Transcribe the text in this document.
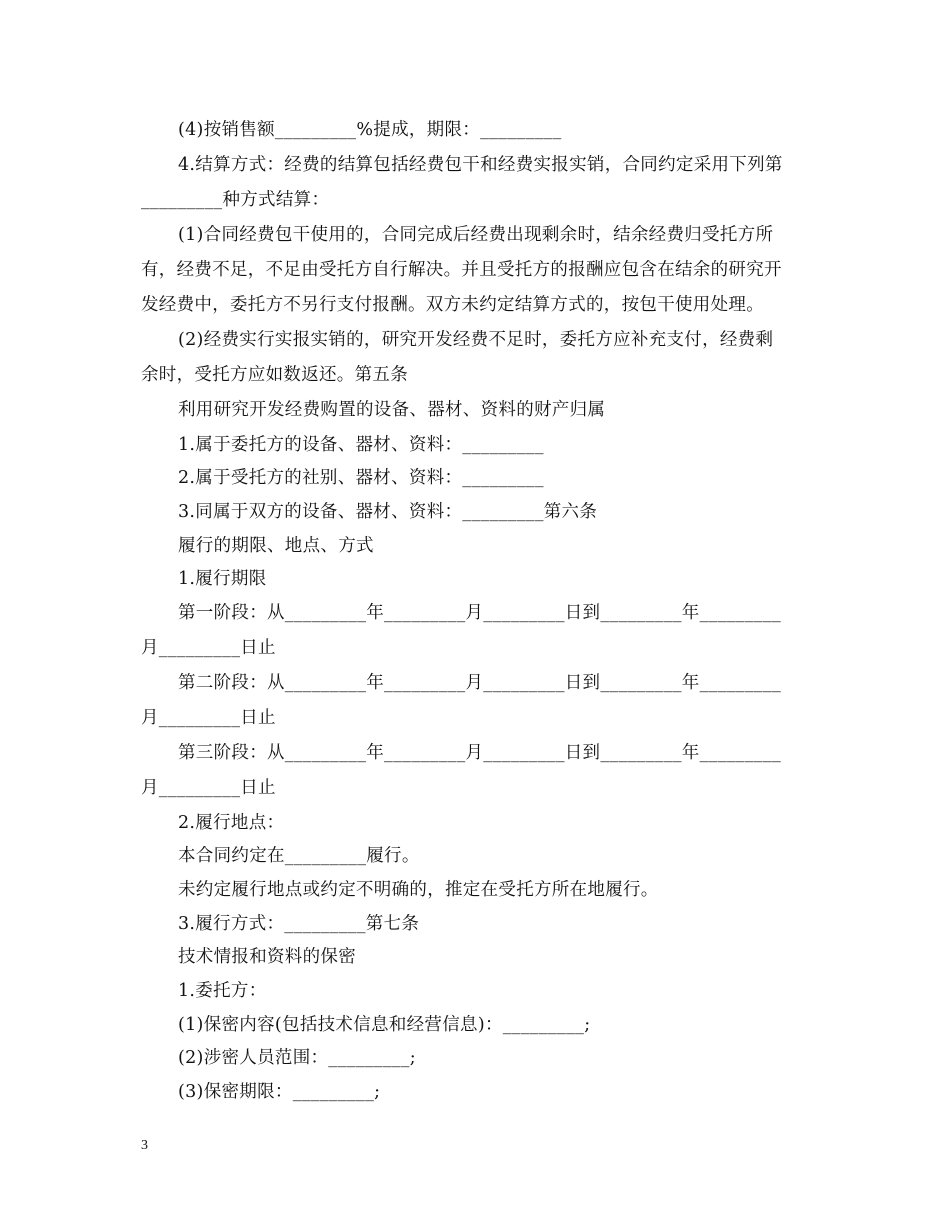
(4)按销售额_________%提成，期限：_________
4.结算方式：经费的结算包括经费包干和经费实报实销，合同约定采用下列第
_________种方式结算：
(1)合同经费包干使用的，合同完成后经费出现剩余时，结余经费归受托方所
有，经费不足，不足由受托方自行解决。并且受托方的报酬应包含在结余的研究开
发经费中，委托方不另行支付报酬。双方未约定结算方式的，按包干使用处理。
(2)经费实行实报实销的，研究开发经费不足时，委托方应补充支付，经费剩
余时，受托方应如数返还。第五条
利用研究开发经费购置的设备、器材、资料的财产归属
1.属于委托方的设备、器材、资料：_________
2.属于受托方的社别、器材、资料：_________
3.同属于双方的设备、器材、资料：_________第六条
履行的期限、地点、方式
1.履行期限
第一阶段：从_________年_________月_________日到_________年_________
月_________日止
第二阶段：从_________年_________月_________日到_________年_________
月_________日止
第三阶段：从_________年_________月_________日到_________年_________
月_________日止
2.履行地点：
本合同约定在_________履行。
未约定履行地点或约定不明确的，推定在受托方所在地履行。
3.履行方式：_________第七条
技术情报和资料的保密
1.委托方：
(1)保密内容(包括技术信息和经营信息)：_________;
(2)涉密人员范围：_________;
(3)保密期限：_________;
3
